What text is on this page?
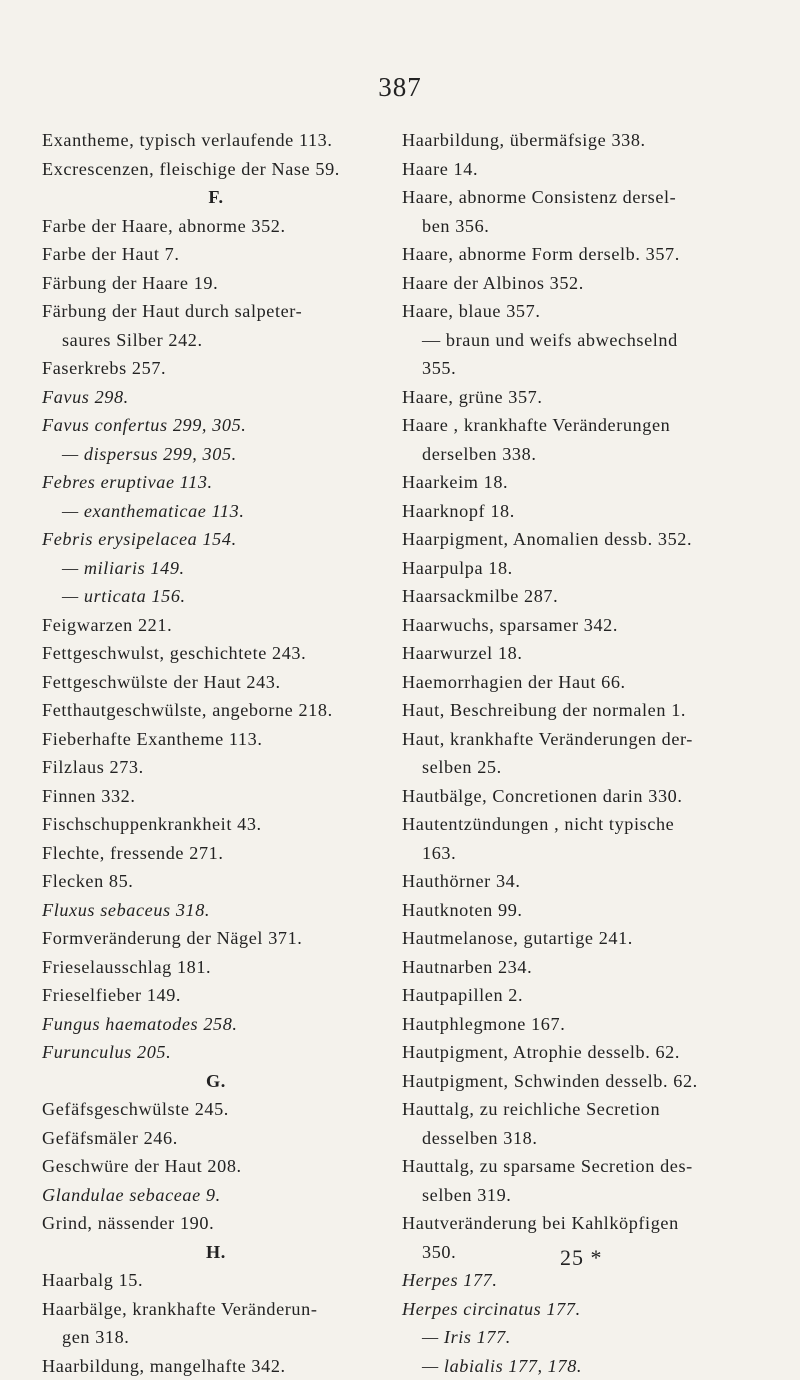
387
Exantheme, typisch verlaufende 113.
Excrescenzen, fleischige der Nase 59.
F.
Farbe der Haare, abnorme 352.
Farbe der Haut 7.
Färbung der Haare 19.
Färbung der Haut durch salpeter-
saures Silber 242.
Faserkrebs 257.
Favus 298.
Favus confertus 299, 305.
— dispersus 299, 305.
Febres eruptivae 113.
— exanthematicae 113.
Febris erysipelacea 154.
— miliaris 149.
— urticata 156.
Feigwarzen 221.
Fettgeschwulst, geschichtete 243.
Fettgeschwülste der Haut 243.
Fetthautgeschwülste, angeborne 218.
Fieberhafte Exantheme 113.
Filzlaus 273.
Finnen 332.
Fischschuppenkrankheit 43.
Flechte, fressende 271.
Flecken 85.
Fluxus sebaceus 318.
Formveränderung der Nägel 371.
Frieselausschlag 181.
Frieselfieber 149.
Fungus haematodes 258.
Furunculus 205.
G.
Gefäfsgeschwülste 245.
Gefäfsmäler 246.
Geschwüre der Haut 208.
Glandulae sebaceae 9.
Grind, nässender 190.
H.
Haarbalg 15.
Haarbälge, krankhafte Veränderun-
gen 318.
Haarbildung, mangelhafte 342.
Haarbildung, übermäfsige 338.
Haare 14.
Haare, abnorme Consistenz dersel-
ben 356.
Haare, abnorme Form derselb. 357.
Haare der Albinos 352.
Haare, blaue 357.
— braun und weifs abwechselnd
355.
Haare, grüne 357.
Haare , krankhafte Veränderungen
derselben 338.
Haarkeim 18.
Haarknopf 18.
Haarpigment, Anomalien dessb. 352.
Haarpulpa 18.
Haarsackmilbe 287.
Haarwuchs, sparsamer 342.
Haarwurzel 18.
Haemorrhagien der Haut 66.
Haut, Beschreibung der normalen 1.
Haut, krankhafte Veränderungen der-
selben 25.
Hautbälge, Concretionen darin 330.
Hautentzündungen , nicht typische
163.
Hauthörner 34.
Hautknoten 99.
Hautmelanose, gutartige 241.
Hautnarben 234.
Hautpapillen 2.
Hautphlegmone 167.
Hautpigment, Atrophie desselb. 62.
Hautpigment, Schwinden desselb. 62.
Hauttalg, zu reichliche Secretion
desselben 318.
Hauttalg, zu sparsame Secretion des-
selben 319.
Hautveränderung bei Kahlköpfigen
350.
Herpes 177.
Herpes circinatus 177.
— Iris 177.
— labialis 177, 178.
25 *
